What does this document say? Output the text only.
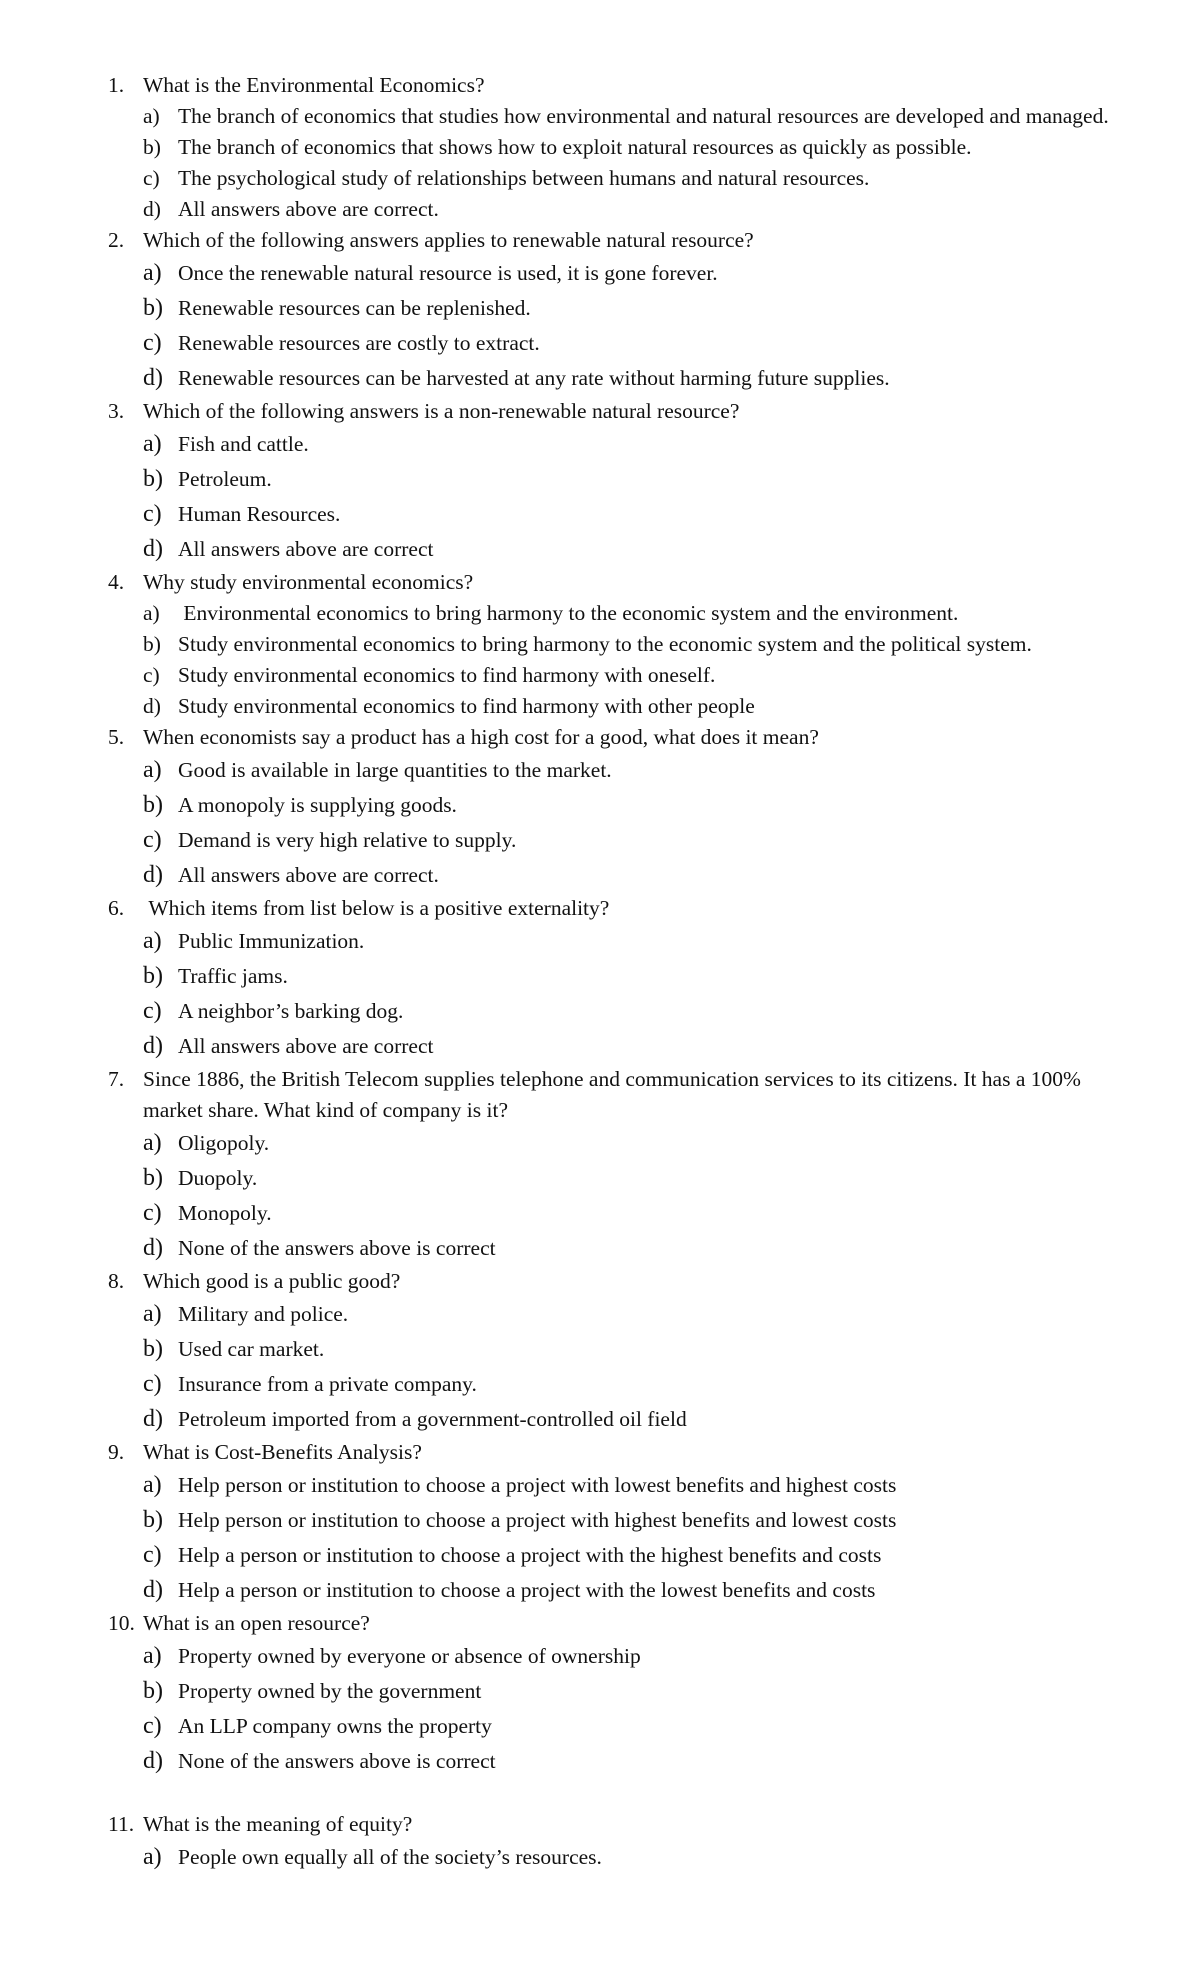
1. What is the Environmental Economics?
a) The branch of economics that studies how environmental and natural resources are developed and managed.
b) The branch of economics that shows how to exploit natural resources as quickly as possible.
c) The psychological study of relationships between humans and natural resources.
d) All answers above are correct.
2. Which of the following answers applies to renewable natural resource?
a) Once the renewable natural resource is used, it is gone forever.
b) Renewable resources can be replenished.
c) Renewable resources are costly to extract.
d) Renewable resources can be harvested at any rate without harming future supplies.
3. Which of the following answers is a non-renewable natural resource?
a) Fish and cattle.
b) Petroleum.
c) Human Resources.
d) All answers above are correct
4. Why study environmental economics?
a) Environmental economics to bring harmony to the economic system and the environment.
b) Study environmental economics to bring harmony to the economic system and the political system.
c) Study environmental economics to find harmony with oneself.
d) Study environmental economics to find harmony with other people
5. When economists say a product has a high cost for a good, what does it mean?
a) Good is available in large quantities to the market.
b) A monopoly is supplying goods.
c) Demand is very high relative to supply.
d) All answers above are correct.
6. Which items from list below is a positive externality?
a) Public Immunization.
b) Traffic jams.
c) A neighbor’s barking dog.
d) All answers above are correct
7. Since 1886, the British Telecom supplies telephone and communication services to its citizens. It has a 100% market share. What kind of company is it?
a) Oligopoly.
b) Duopoly.
c) Monopoly.
d) None of the answers above is correct
8. Which good is a public good?
a) Military and police.
b) Used car market.
c) Insurance from a private company.
d) Petroleum imported from a government-controlled oil field
9. What is Cost-Benefits Analysis?
a) Help person or institution to choose a project with lowest benefits and highest costs
b) Help person or institution to choose a project with highest benefits and lowest costs
c) Help a person or institution to choose a project with the highest benefits and costs
d) Help a person or institution to choose a project with the lowest benefits and costs
10. What is an open resource?
a) Property owned by everyone or absence of ownership
b) Property owned by the government
c) An LLP company owns the property
d) None of the answers above is correct
11. What is the meaning of equity?
a) People own equally all of the society’s resources.
